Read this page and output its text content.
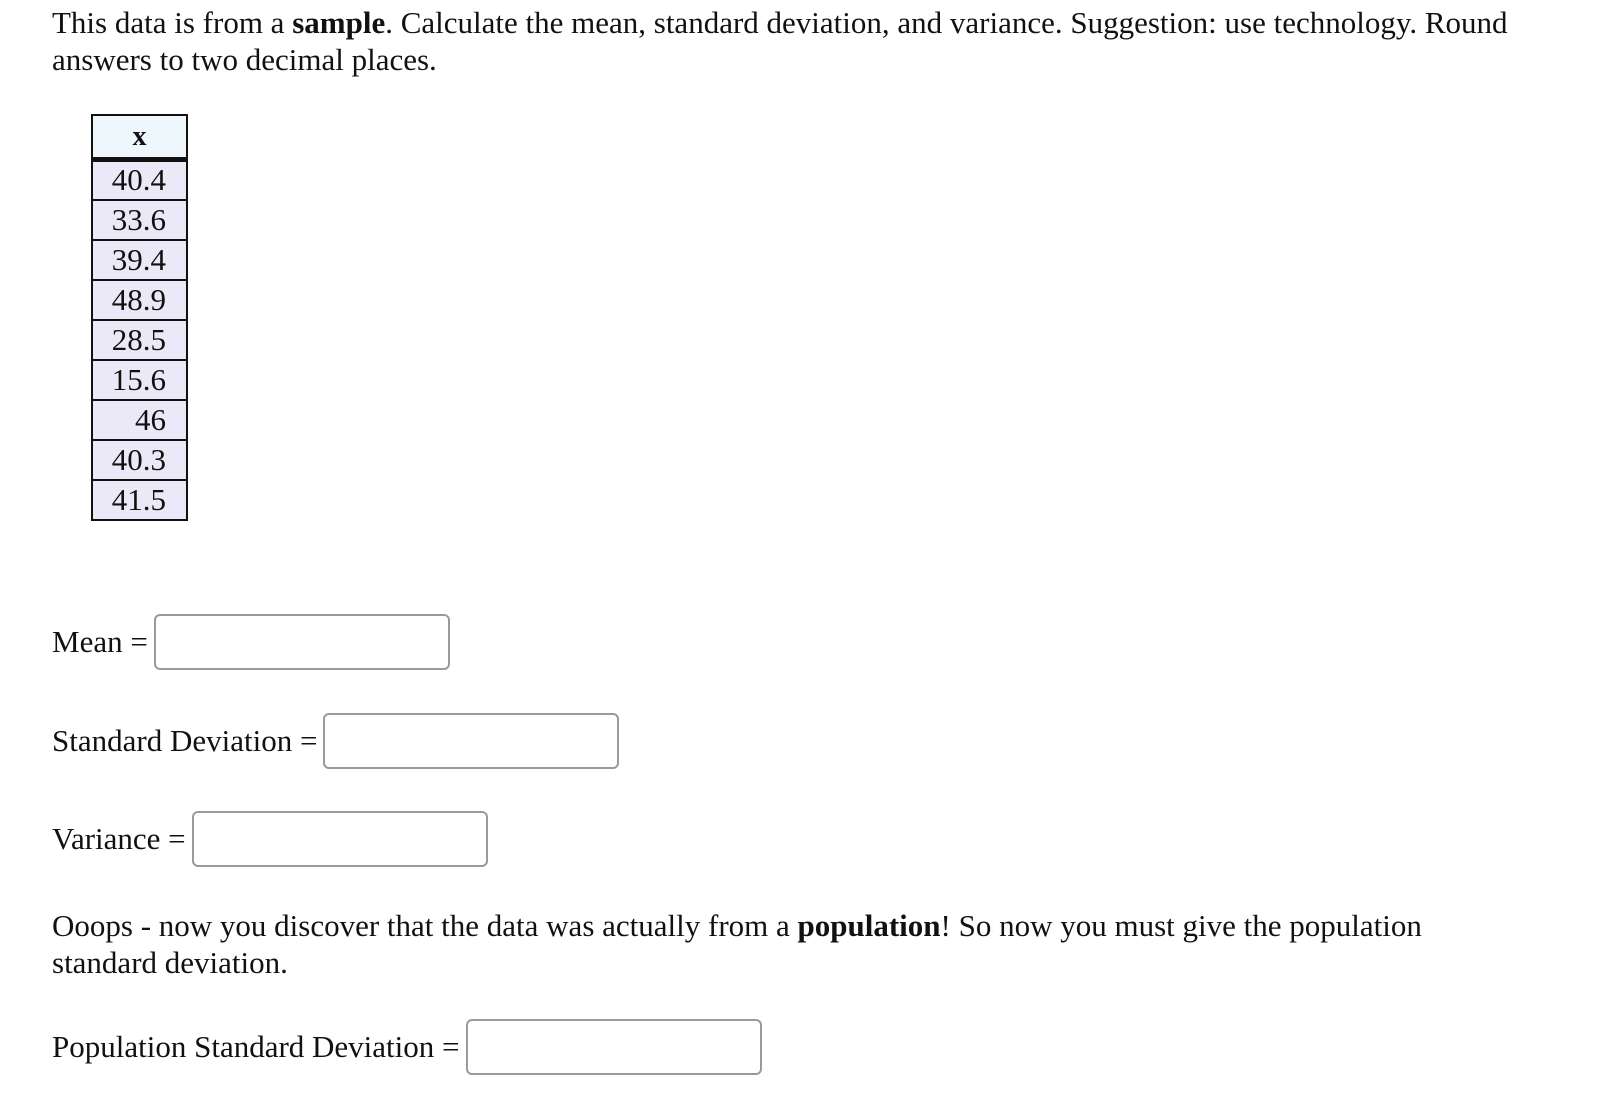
This data is from a sample. Calculate the mean, standard deviation, and variance. Suggestion: use technology. Round answers to two decimal places.

x
40.4
33.6
39.4
48.9
28.5
15.6
46
40.3
41.5
Mean =
Standard Deviation =
Variance =

Ooops - now you discover that the data was actually from a population! So now you must give the population standard deviation.

Population Standard Deviation =
